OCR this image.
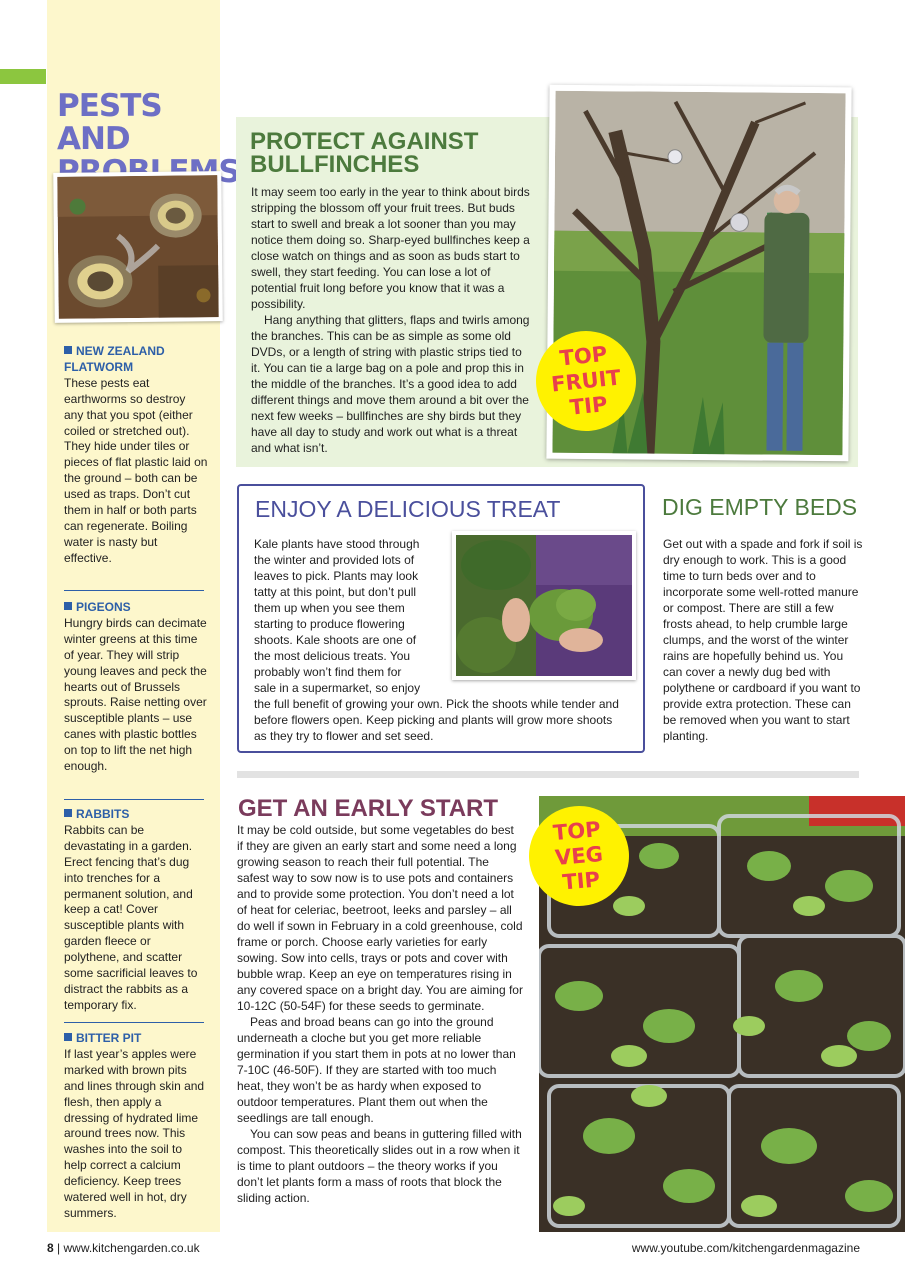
PESTS AND
NEW ZEALAND FLATWORM

These pests eat earthworms so destroy any that you spot (either coiled or stretched out). They hide under tiles or pieces of flat plastic laid on the ground – both can be used as traps. Don’t cut them in half or both parts can regenerate. Boiling water is nasty but effective.

PIGEONS

Hungry birds can decimate winter greens at this time of year. They will strip young leaves and peck the hearts out of Brussels sprouts. Raise netting over susceptible plants – use canes with plastic bottles on top to lift the net high enough.

RABBITS

Rabbits can be devastating in a garden. Erect fencing that’s dug into trenches for a permanent solution, and keep a cat! Cover susceptible plants with garden fleece or polythene, and scatter some sacrificial leaves to distract the rabbits as a temporary fix.

BITTER PIT

If last year’s apples were marked with brown pits and lines through skin and flesh, then apply a dressing of hydrated lime around trees now. This washes into the soil to help correct a calcium deficiency. Keep trees watered well in hot, dry summers.

PROTECT AGAINST BULLFINCHES

It may seem too early in the year to think about birds stripping the blossom off your fruit trees. But buds start to swell and break a lot sooner than you may notice them doing so. Sharp-eyed bullfinches keep a close watch on things and as soon as buds start to swell, they start feeding. You can lose a lot of potential fruit long before you know that it was a possibility.

Hang anything that glitters, flaps and twirls among the branches. This can be as simple as some old DVDs, or a length of string with plastic strips tied to it. You can tie a large bag on a pole and prop this in the middle of the branches. It’s a good idea to add different things and move them around a bit over the next few weeks – bullfinches are shy birds but they have all day to study and work out what is a threat and what isn’t.

TOP
FRUIT
TIP
ENJOY A DELICIOUS TREAT

Kale plants have stood through the winter and provided lots of leaves to pick. Plants may look tatty at this point, but don’t pull them up when you see them starting to produce flowering shoots. Kale shoots are one of the most delicious treats. You probably won’t find them for sale in a supermarket, so enjoy the full benefit of growing your own. Pick the shoots while tender and before flowers open. Keep picking and plants will grow more shoots as they try to flower and set seed.

DIG EMPTY BEDS
Get out with a spade and fork if soil is dry enough to work. This is a good time to turn beds over and to incorporate some well-rotted manure or compost. There are still a few frosts ahead, to help crumble large clumps, and the worst of the winter rains are hopefully behind us. You can cover a newly dug bed with polythene or cardboard if you want to provide extra protection. These can be removed when you want to start planting.
GET AN EARLY START

It may be cold outside, but some vegetables do best if they are given an early start and some need a long growing season to reach their full potential. The safest way to sow now is to use pots and containers and to provide some protection. You don’t need a lot of heat for celeriac, beetroot, leeks and parsley – all do well if sown in February in a cold greenhouse, cold frame or porch. Choose early varieties for early sowing. Sow into cells, trays or pots and cover with bubble wrap. Keep an eye on temperatures rising in any covered space on a bright day. You are aiming for 10-12C (50-54F) for these seeds to germinate.

Peas and broad beans can go into the ground underneath a cloche but you get more reliable germination if you start them in pots at no lower than 7-10C (46-50F). If they are started with too much heat, they won’t be as hardy when exposed to outdoor temperatures. Plant them out when the seedlings are tall enough.

You can sow peas and beans in guttering filled with compost. This theoretically slides out in a row when it is time to plant outdoors – the theory works if you don’t let plants form a mass of roots that block the sliding action.

TOP
VEG
TIP
8 | www.kitchengarden.co.uk	www.youtube.com/kitchengardenmagazine
